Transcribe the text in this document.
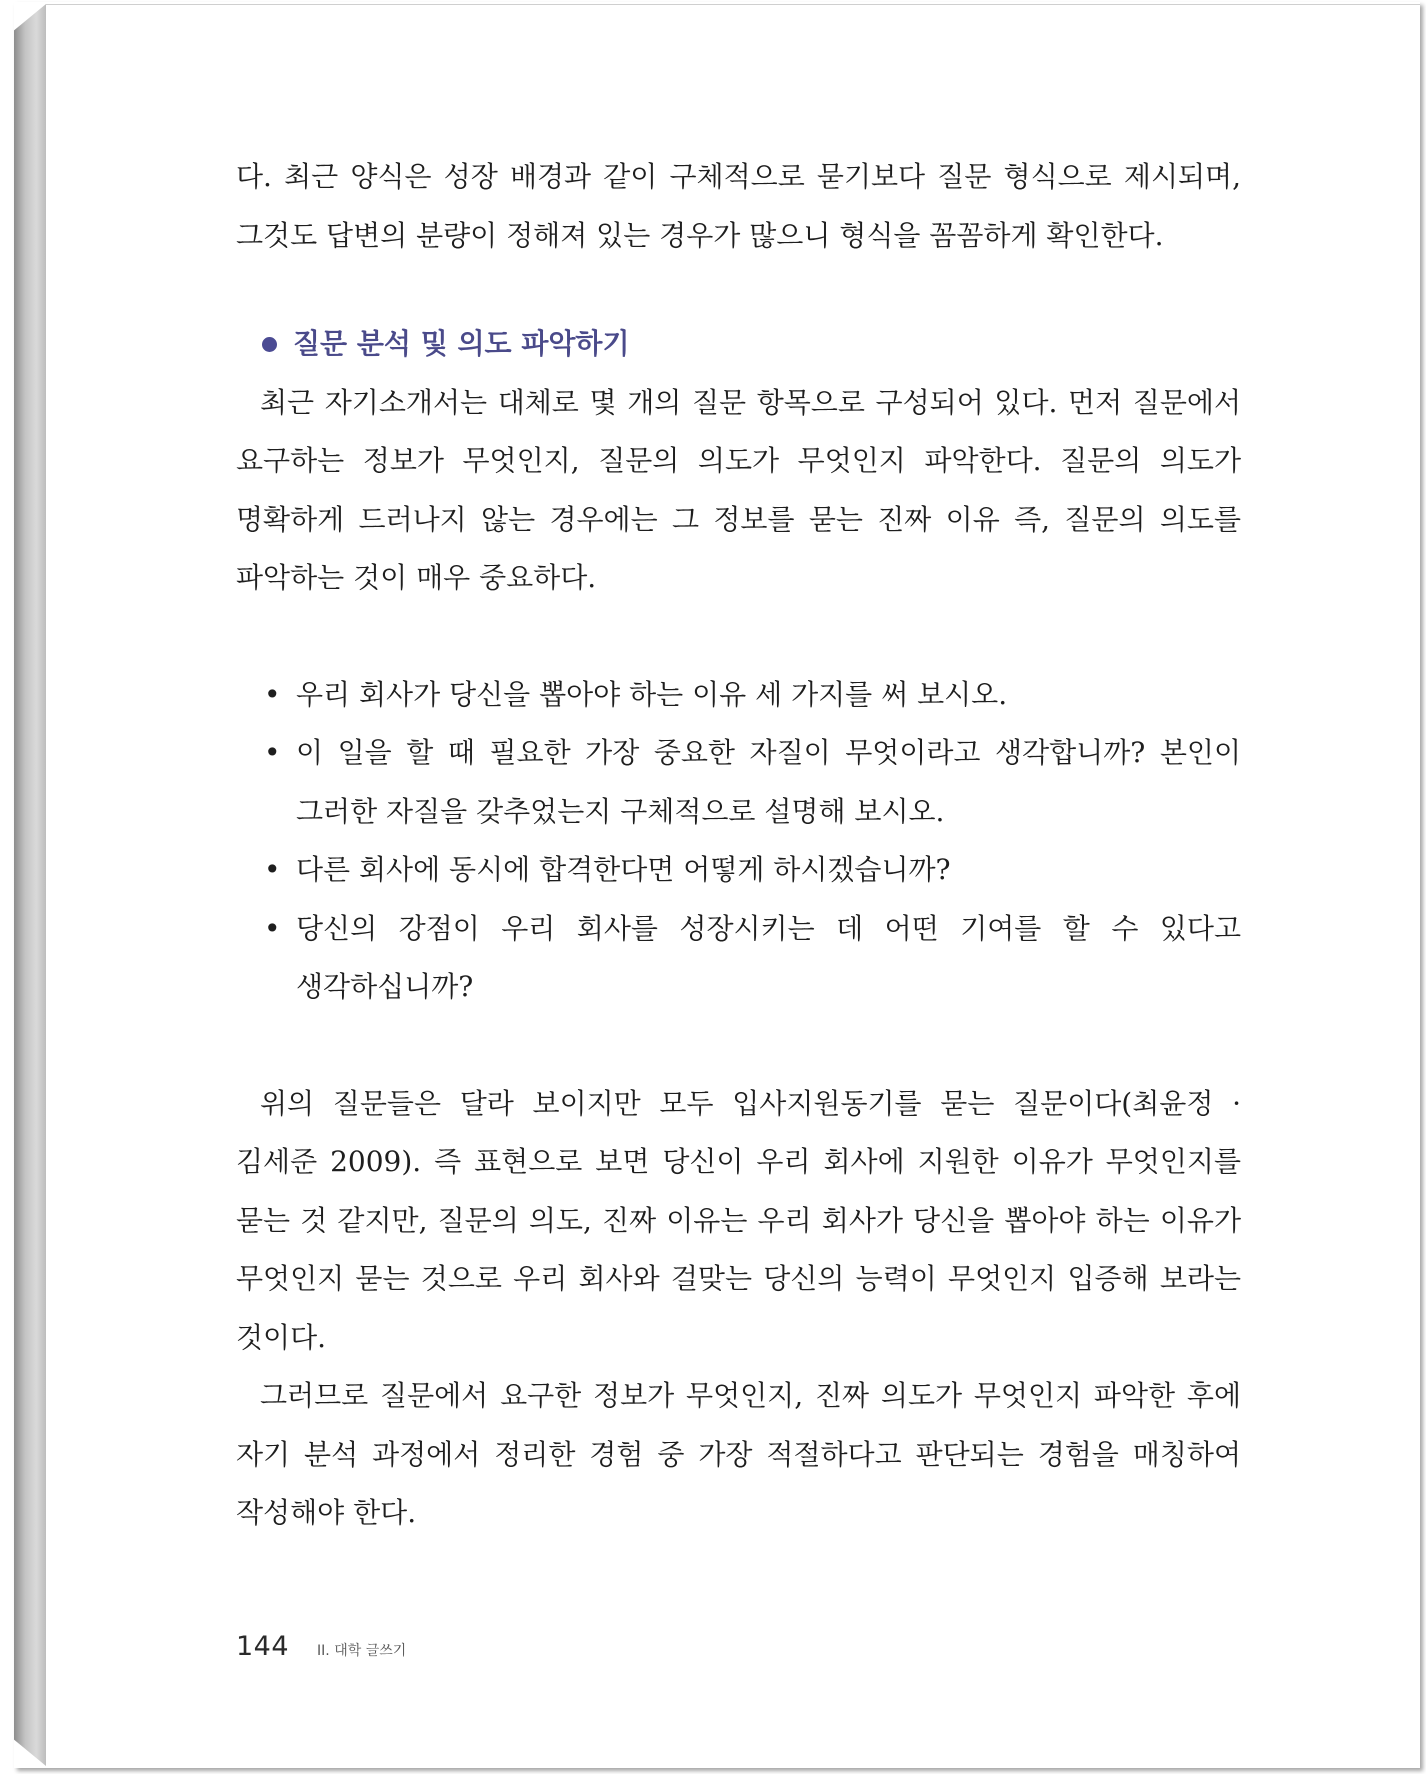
다. 최근 양식은 성장 배경과 같이 구체적으로 묻기보다 질문 형식으로 제시되며, 그것도 답변의 분량이 정해져 있는 경우가 많으니 형식을 꼼꼼하게 확인한다.

질문 분석 및 의도 파악하기

최근 자기소개서는 대체로 몇 개의 질문 항목으로 구성되어 있다. 먼저 질문에서 요구하는 정보가 무엇인지, 질문의 의도가 무엇인지 파악한다. 질문의 의도가 명확하게 드러나지 않는 경우에는 그 정보를 묻는 진짜 이유 즉, 질문의 의도를 파악하는 것이 매우 중요하다.

• 우리 회사가 당신을 뽑아야 하는 이유 세 가지를 써 보시오.
• 이 일을 할 때 필요한 가장 중요한 자질이 무엇이라고 생각합니까? 본인이 그러한 자질을 갖추었는지 구체적으로 설명해 보시오.
• 다른 회사에 동시에 합격한다면 어떻게 하시겠습니까?
• 당신의 강점이 우리 회사를 성장시키는 데 어떤 기여를 할 수 있다고 생각하십니까?

위의 질문들은 달라 보이지만 모두 입사지원동기를 묻는 질문이다(최윤정 · 김세준 2009). 즉 표현으로 보면 당신이 우리 회사에 지원한 이유가 무엇인지를 묻는 것 같지만, 질문의 의도, 진짜 이유는 우리 회사가 당신을 뽑아야 하는 이유가 무엇인지 묻는 것으로 우리 회사와 걸맞는 당신의 능력이 무엇인지 입증해 보라는 것이다.

그러므로 질문에서 요구한 정보가 무엇인지, 진짜 의도가 무엇인지 파악한 후에 자기 분석 과정에서 정리한 경험 중 가장 적절하다고 판단되는 경험을 매칭하여 작성해야 한다.

144 II. 대학 글쓰기
